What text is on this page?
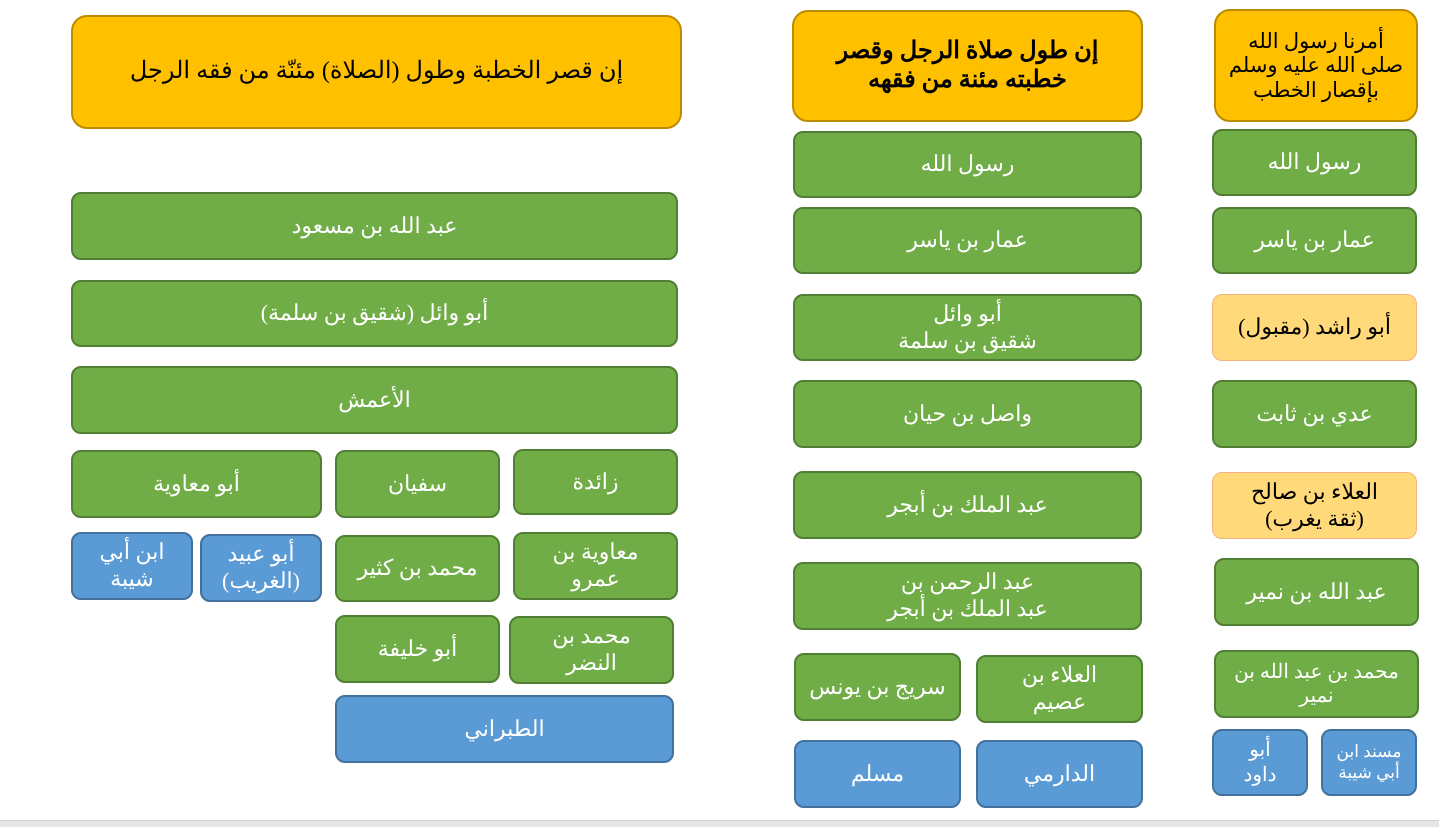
أمرنا رسول الله
صلى الله عليه وسلم
بإقصار الخطب
رسول الله
عمار بن ياسر
أبو راشد (مقبول)
عدي بن ثابت
العلاء بن صالح
(ثقة يغرب)
عبد الله بن نمير
محمد بن عبد الله بن
نمير
مسند ابن
أبي شيبة
أبو
داود
إن طول صلاة الرجل وقصر
خطبته مئنة من فقهه
رسول الله
عمار بن ياسر
أبو وائل
شقيق بن سلمة
واصل بن حيان
عبد الملك بن أبجر
عبد الرحمن بن
عبد الملك بن أبجر
العلاء بن
عصيم
سريج بن يونس
الدارمي
مسلم
إن قصر الخطبة وطول (الصلاة) مئنّة من فقه الرجل
عبد الله بن مسعود
أبو وائل (شقيق بن سلمة)
الأعمش
زائدة
سفيان
أبو معاوية
معاوية بن
عمرو
محمد بن كثير
محمد بن
النضر
أبو خليفة
أبو عبيد
(الغريب)
ابن أبي
شيبة
الطبراني
